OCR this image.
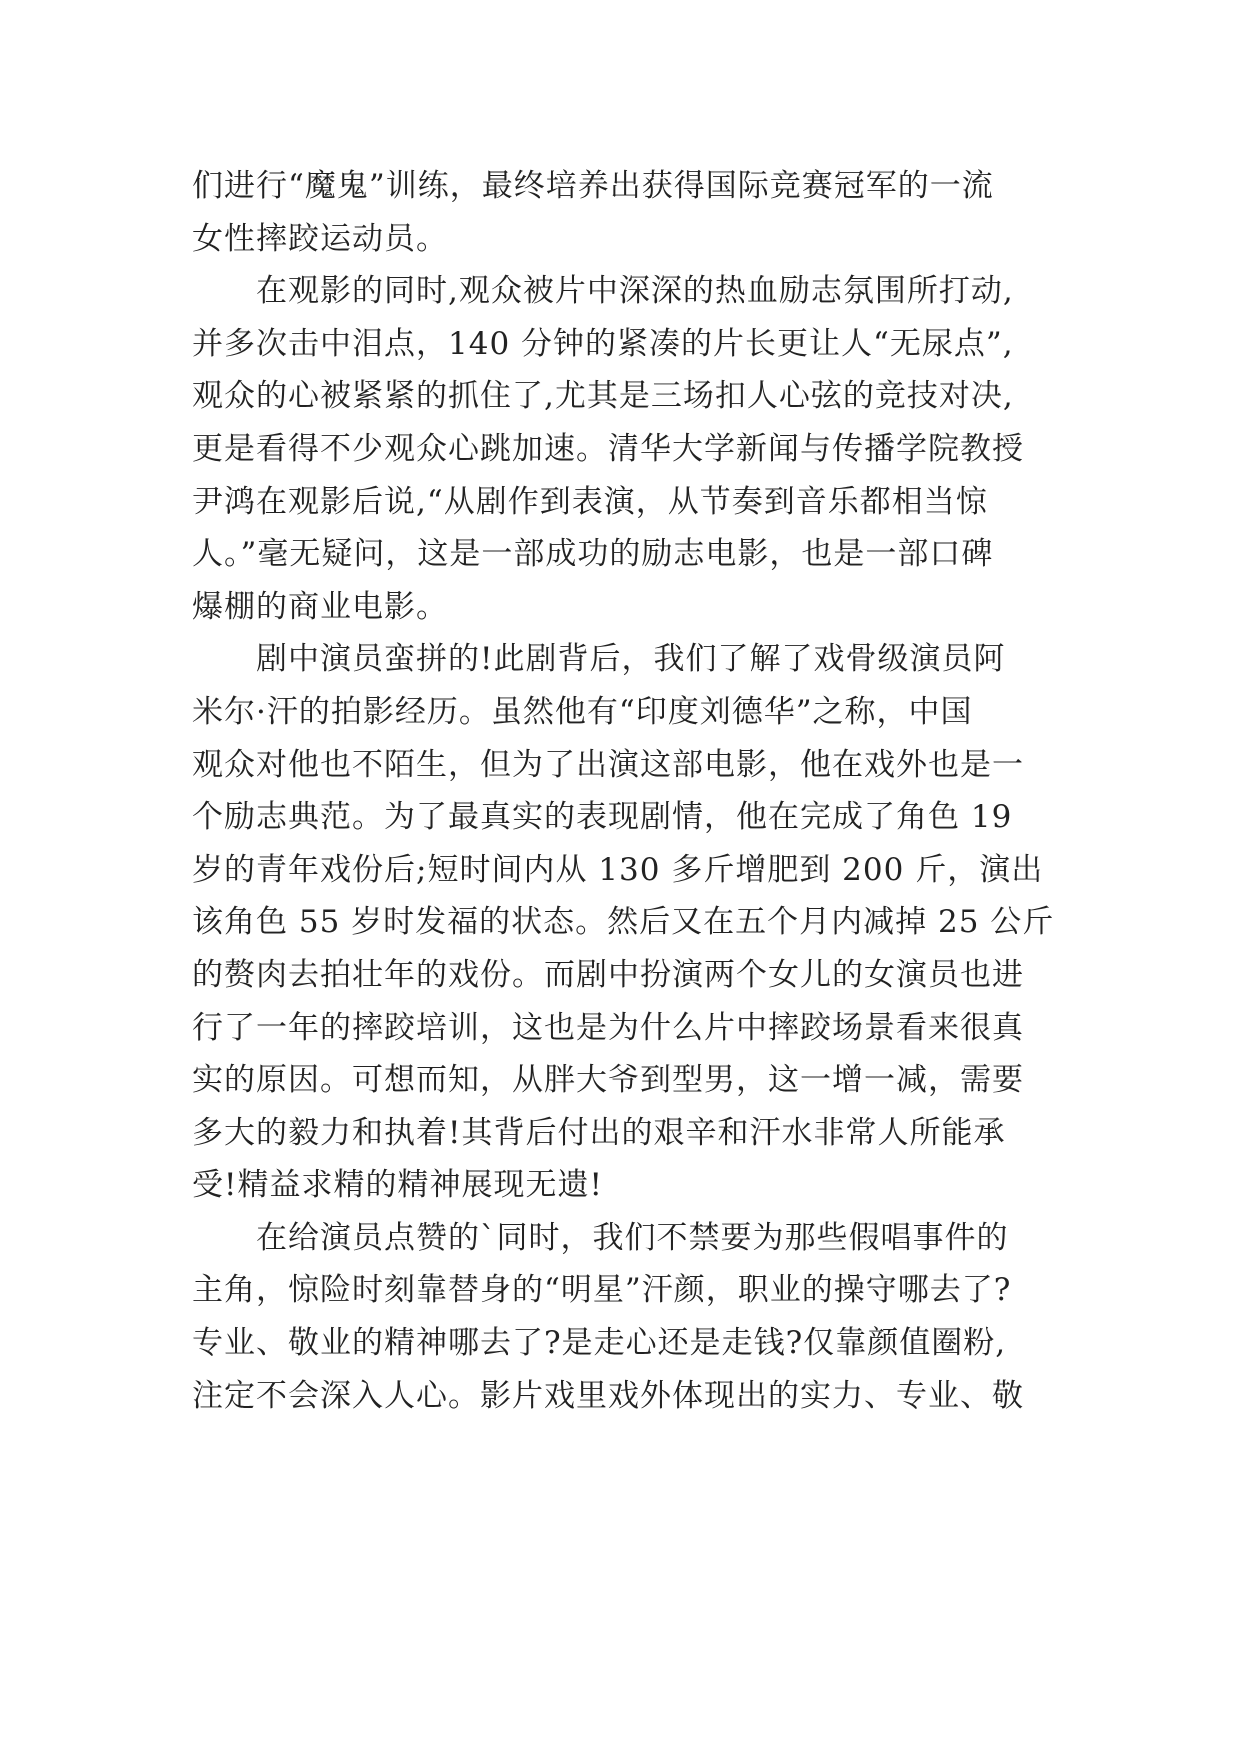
们进行“魔鬼”训练，最终培养出获得国际竞赛冠军的一流
女性摔跤运动员。
在观影的同时,观众被片中深深的热血励志氛围所打动,
并多次击中泪点，140 分钟的紧凑的片长更让人“无尿点”,
观众的心被紧紧的抓住了,尤其是三场扣人心弦的竞技对决,
更是看得不少观众心跳加速。清华大学新闻与传播学院教授
尹鸿在观影后说,“从剧作到表演，从节奏到音乐都相当惊
人。”毫无疑问，这是一部成功的励志电影，也是一部口碑
爆棚的商业电影。
剧中演员蛮拼的!此剧背后，我们了解了戏骨级演员阿
米尔·汗的拍影经历。虽然他有“印度刘德华”之称，中国
观众对他也不陌生，但为了出演这部电影，他在戏外也是一
个励志典范。为了最真实的表现剧情，他在完成了角色 19
岁的青年戏份后;短时间内从 130 多斤增肥到 200 斤，演出
该角色 55 岁时发福的状态。然后又在五个月内减掉 25 公斤
的赘肉去拍壮年的戏份。而剧中扮演两个女儿的女演员也进
行了一年的摔跤培训，这也是为什么片中摔跤场景看来很真
实的原因。可想而知，从胖大爷到型男，这一增一减，需要
多大的毅力和执着!其背后付出的艰辛和汗水非常人所能承
受!精益求精的精神展现无遗!
在给演员点赞的`同时，我们不禁要为那些假唱事件的
主角，惊险时刻靠替身的“明星”汗颜，职业的操守哪去了?
专业、敬业的精神哪去了?是走心还是走钱?仅靠颜值圈粉,
注定不会深入人心。影片戏里戏外体现出的实力、专业、敬
